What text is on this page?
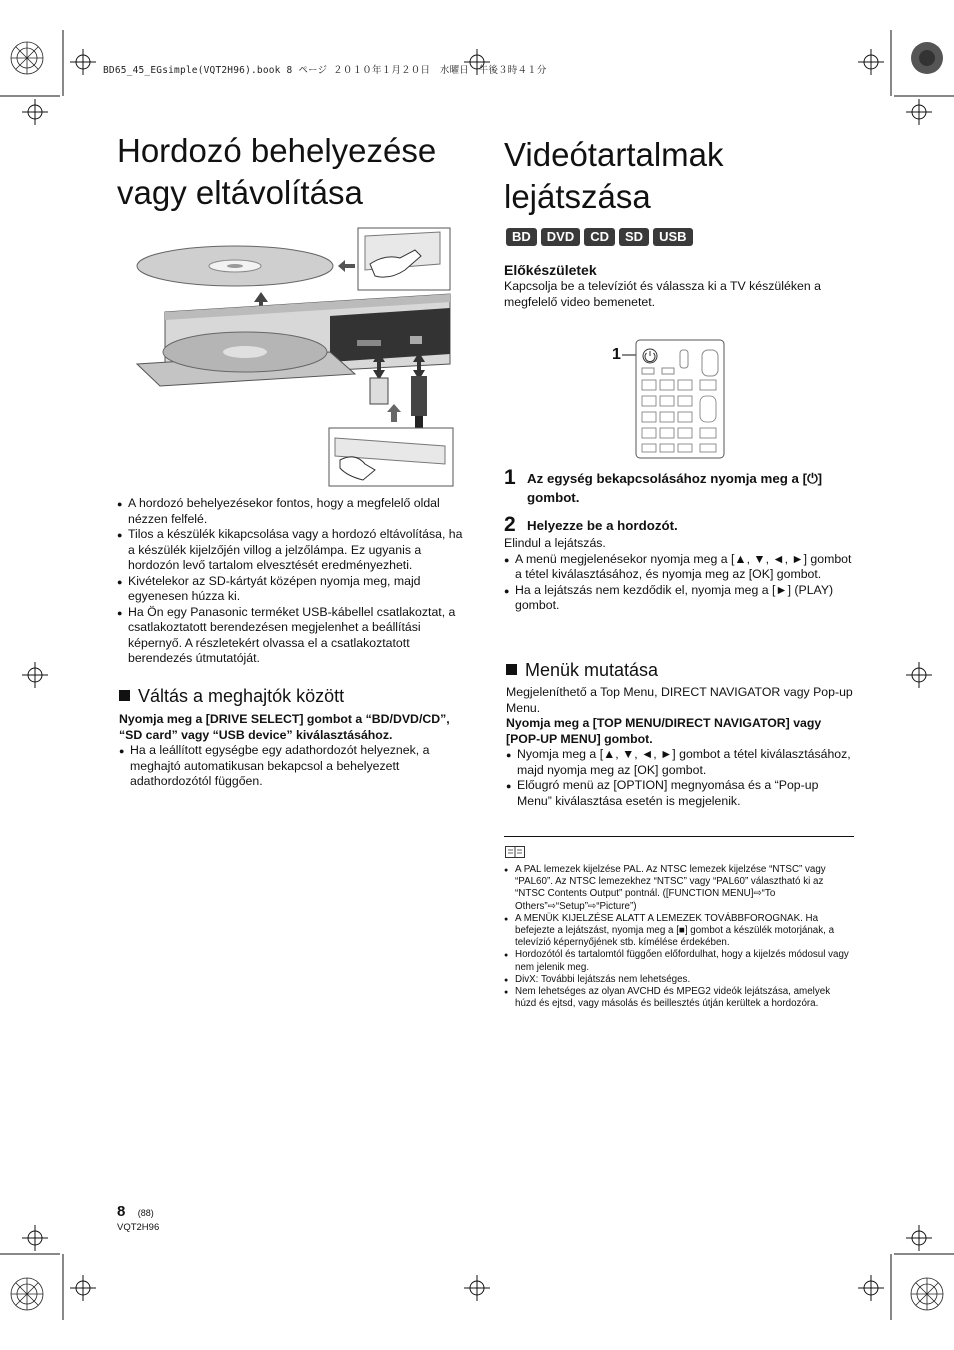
BD65_45_EGsimple(VQT2H96).book 8 ページ ２０１０年１月２０日　水曜日　午後３時４１分
Hordozó behelyezése
vagy eltávolítása
● A hordozó behelyezésekor fontos, hogy a megfelelő oldal nézzen felfelé.
● Tilos a készülék kikapcsolása vagy a hordozó eltávolítása, ha a készülék kijelzőjén villog a jelzőlámpa. Ez ugyanis a hordozón levő tartalom elvesztését eredményezheti.
● Kivételekor az SD-kártyát középen nyomja meg, majd egyenesen húzza ki.
● Ha Ön egy Panasonic terméket USB-kábellel csatlakoztat, a csatlakoztatott berendezésen megjelenhet a beállítási képernyő. A részletekért olvassa el a csatlakoztatott berendezés útmutatóját.
Váltás a meghajtók között
Nyomja meg a [DRIVE SELECT] gombot a “BD/DVD/CD”, “SD card” vagy “USB device” kiválasztásához.
● Ha a leállított egységbe egy adathordozót helyeznek, a meghajtó automatikusan bekapcsol a behelyezett adathordozótól függően.
Videótartalmak
lejátszása
BD DVD CD SD USB
Előkészületek
Kapcsolja be a televíziót és válassza ki a TV készüléken a megfelelő video bemenetet.
1
1 Az egység bekapcsolásához nyomja meg a [⏻] gombot.
2 Helyezze be a hordozót.
Elindul a lejátszás.
● A menü megjelenésekor nyomja meg a [▲, ▼, ◄, ►] gombot a tétel kiválasztásához, és nyomja meg az [OK] gombot.
● Ha a lejátszás nem kezdődik el, nyomja meg a [►] (PLAY) gombot.
Menük mutatása
Megjeleníthető a Top Menu, DIRECT NAVIGATOR vagy Pop-up Menu.
Nyomja meg a [TOP MENU/DIRECT NAVIGATOR] vagy [POP-UP MENU] gombot.
● Nyomja meg a [▲, ▼, ◄, ►] gombot a tétel kiválasztásához, majd nyomja meg az [OK] gombot.
● Előugró menü az [OPTION] megnyomása és a “Pop-up Menu” kiválasztása esetén is megjelenik.
● A PAL lemezek kijelzése PAL. Az NTSC lemezek kijelzése “NTSC” vagy “PAL60”. Az NTSC lemezekhez “NTSC” vagy “PAL60” választható ki az “NTSC Contents Output” pontnál. ([FUNCTION MENU]⇨“To Others”⇨“Setup”⇨“Picture”)
● A MENÜK KIJELZÉSE ALATT A LEMEZEK TOVÁBBFOROGNAK. Ha befejezte a lejátszást, nyomja meg a [■] gombot a készülék motorjának, a televízió képernyőjének stb. kímélése érdekében.
● Hordozótól és tartalomtól függően előfordulhat, hogy a kijelzés módosul vagy nem jelenik meg.
● DivX: További lejátszás nem lehetséges.
● Nem lehetséges az olyan AVCHD és MPEG2 videók lejátszása, amelyek húzd és ejtsd, vagy másolás és beillesztés útján kerültek a hordozóra.
8 (88)
VQT2H96
